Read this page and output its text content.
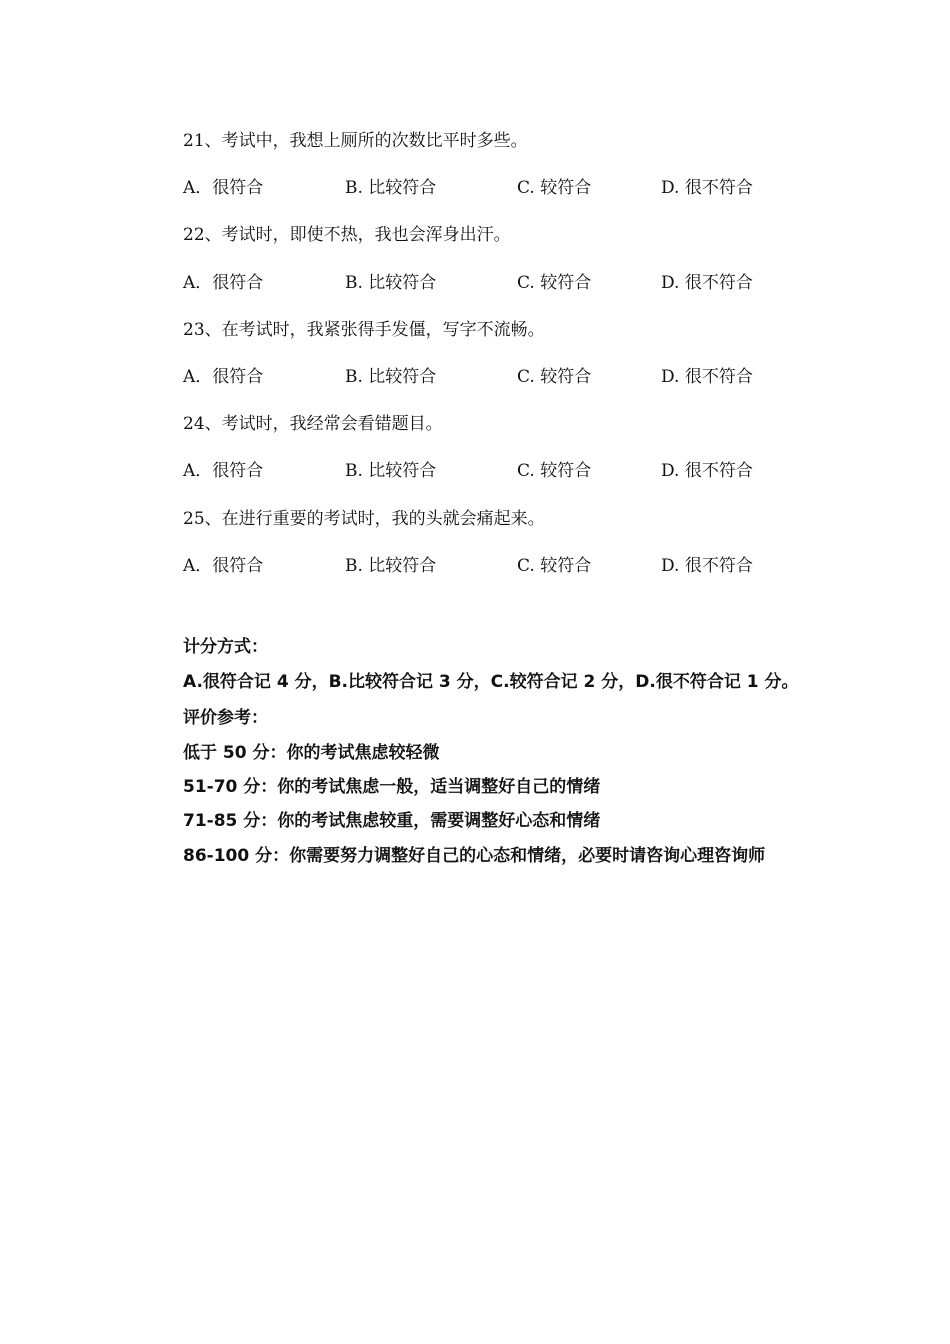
21、考试中，我想上厕所的次数比平时多些。
A．很符合	B. 比较符合	C. 较符合	D. 很不符合
22、考试时，即使不热，我也会浑身出汗。
A．很符合	B. 比较符合	C. 较符合	D. 很不符合
23、在考试时，我紧张得手发僵，写字不流畅。
A．很符合	B. 比较符合	C. 较符合	D. 很不符合
24、考试时，我经常会看错题目。
A．很符合	B. 比较符合	C. 较符合	D. 很不符合
25、在进行重要的考试时，我的头就会痛起来。
A．很符合	B. 比较符合	C. 较符合	D. 很不符合
计分方式：
A.很符合记 4 分，B.比较符合记 3 分，C.较符合记 2 分，D.很不符合记 1 分。
评价参考：
低于 50 分：你的考试焦虑较轻微
51-70 分：你的考试焦虑一般，适当调整好自己的情绪
71-85 分：你的考试焦虑较重，需要调整好心态和情绪
86-100 分：你需要努力调整好自己的心态和情绪，必要时请咨询心理咨询师
